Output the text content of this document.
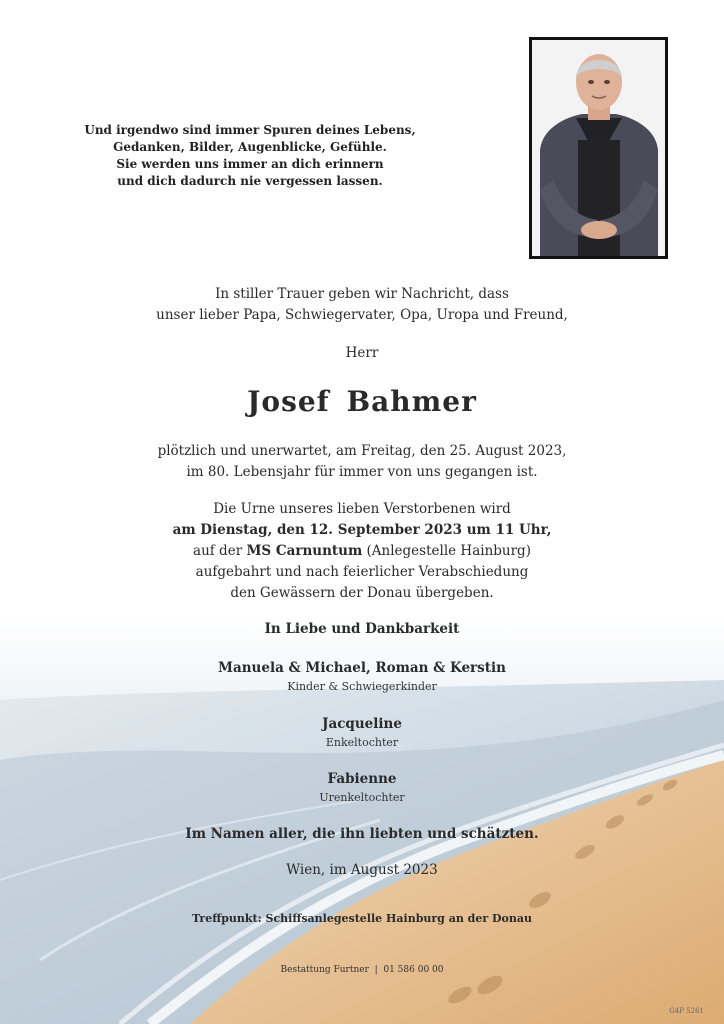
Und irgendwo sind immer Spuren deines Lebens,
Gedanken, Bilder, Augenblicke, Gefühle.
Sie werden uns immer an dich erinnern
und dich dadurch nie vergessen lassen.
In stiller Trauer geben wir Nachricht, dass
unser lieber Papa, Schwiegervater, Opa, Uropa und Freund,
Herr
Josef Bahmer
plötzlich und unerwartet, am Freitag, den 25. August 2023,
im 80. Lebensjahr für immer von uns gegangen ist.
Die Urne unseres lieben Verstorbenen wird
am Dienstag, den 12. September 2023 um 11 Uhr,
auf der MS Carnuntum (Anlegestelle Hainburg)
aufgebahrt und nach feierlicher Verabschiedung
den Gewässern der Donau übergeben.
In Liebe und Dankbarkeit
Manuela & Michael, Roman & Kerstin
Kinder & Schwiegerkinder
Jacqueline
Enkeltochter
Fabienne
Urenkeltochter
Im Namen aller, die ihn liebten und schätzten.
Wien, im August 2023
Treffpunkt: Schiffsanlegestelle Hainburg an der Donau
Bestattung Furtner  |  01 586 00 00
G4P 5261
